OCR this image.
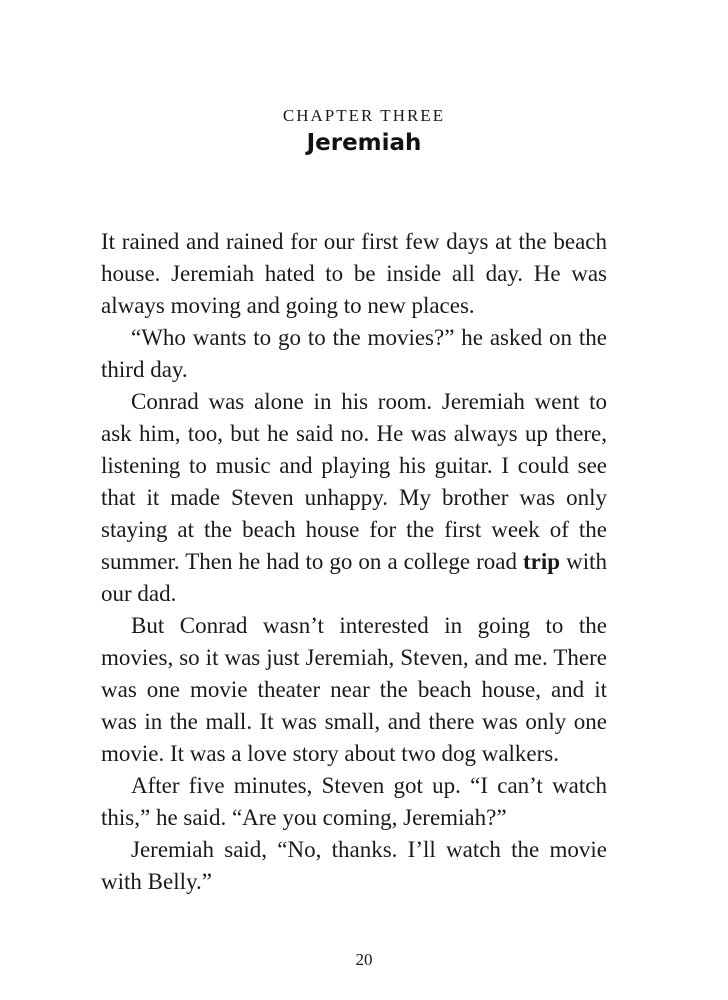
CHAPTER THREE
Jeremiah

It rained and rained for our first few days at the beach house. Jeremiah hated to be inside all day. He was always moving and going to new places.

“Who wants to go to the movies?” he asked on the third day.

Conrad was alone in his room. Jeremiah went to ask him, too, but he said no. He was always up there, listening to music and playing his guitar. I could see that it made Steven unhappy. My brother was only staying at the beach house for the first week of the summer. Then he had to go on a college road trip with our dad.

But Conrad wasn’t interested in going to the movies, so it was just Jeremiah, Steven, and me. There was one movie theater near the beach house, and it was in the mall. It was small, and there was only one movie. It was a love story about two dog walkers.

After five minutes, Steven got up. “I can’t watch this,” he said. “Are you coming, Jeremiah?”

Jeremiah said, “No, thanks. I’ll watch the movie with Belly.”

20
